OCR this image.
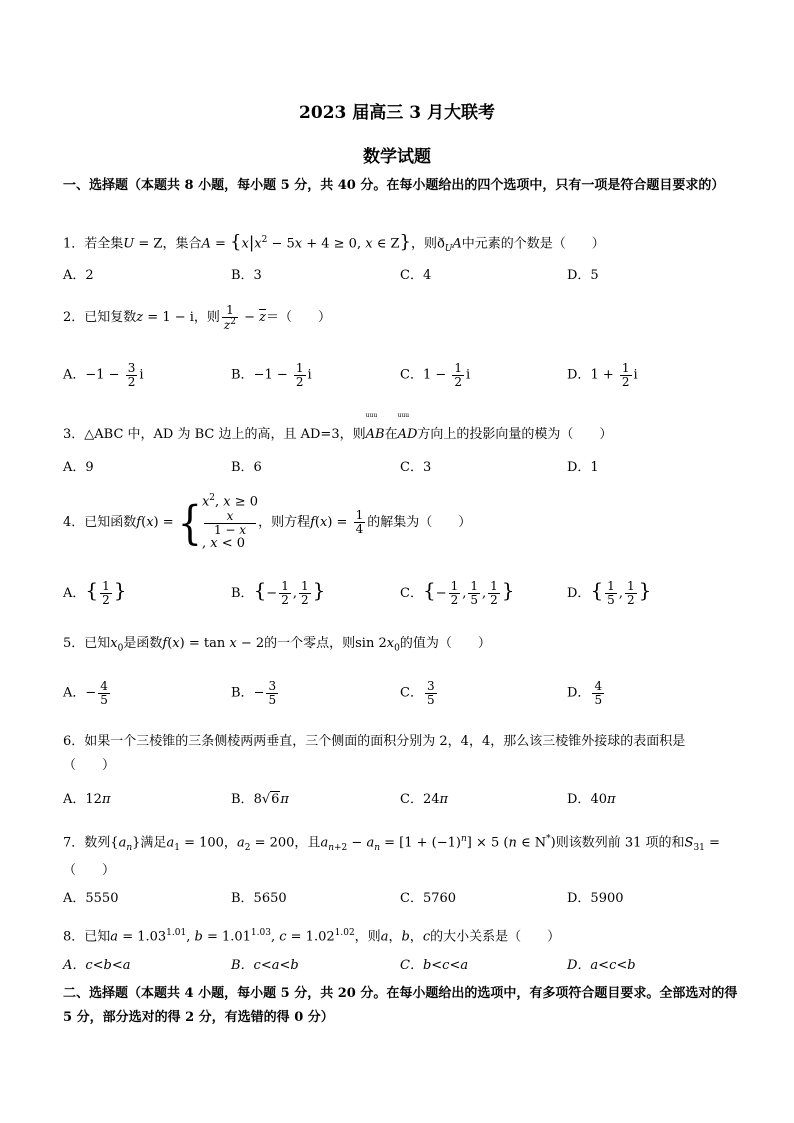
2023 届高三 3 月大联考
数学试题
一、选择题（本题共 8 小题，每小题 5 分，共 40 分。在每小题给出的四个选项中，只有一项是符合题目要求的）
1．若全集U = Z，集合$A = \{x|x^2 - 5x + 4 \ge 0$, x ∈ Z}，则$ð_UA$中元素的个数是（　　）
A．2	B．3	C．4	D．5
2．已知复数z = 1 − i，则 $\frac{1}{z^2} - \overline{z}=$（　　）
A．$-1 - \frac{3}{2}$ i	B．$-1 - \frac{1}{2}$ i	C．$1 - \frac{1}{2}$ i	D．$1 + \frac{1}{2}$ i
3．△ABC 中，AD 为 BC 边上的高，且 AD=3，则uuu AB在uuu AD方向上的投影向量的模为（　　）
A．9	B．6	C．3	D．1
4．已知函数f(x) = { $x^2$, x ≥ 0
x
1 − x
, x < 0
，则方程$f(x) = \frac{1}{4}$ 的解集为（　　）
A．{ $\frac{1}{2}$ }	B．{− $\frac{1}{2}$ , $\frac{1}{2}$ }	C．{− $\frac{1}{2}$ , $\frac{1}{5}$ , $\frac{1}{2}$ }	D．{ $\frac{1}{5}$ , $\frac{1}{2}$ }
5．已知$x_0$是函数f(x) = tan x − 2的一个零点，则$\sin 2x_0$的值为（　　）
A．− $\frac{4}{5}$	B．− $\frac{3}{5}$	C． $\frac{3}{5}$	D． $\frac{4}{5}$
6．如果一个三棱锥的三条侧棱两两垂直，三个侧面的面积分别为 2，4，4，那么该三棱锥外接球的表面积是
（　　）
A．12π	B．8√6π	C．24π	D．40π
7．数列$\{a_n\}$满足$a_1 = 100$，$a_2 = 200$，且$a_{n+2} - a_n = [1 + (-1)^n] \times 5$ (n ∈ N*)则该数列前 31 项的和$S_{31}$ =
（　　）
A．5550	B．5650	C．5760	D．5900
8．已知$a = 1.03^{1.01}$, $b = 1.01^{1.03}$, $c = 1.02^{1.02}$，则a，b，c的大小关系是（　　）
A．c<b<a	B．c<a<b	C．b<c<a	D．a<c<b
二、选择题（本题共 4 小题，每小题 5 分，共 20 分。在每小题给出的选项中，有多项符合题目要求。全部选对的得 5 分，部分选对的得 2 分，有选错的得 0 分）
